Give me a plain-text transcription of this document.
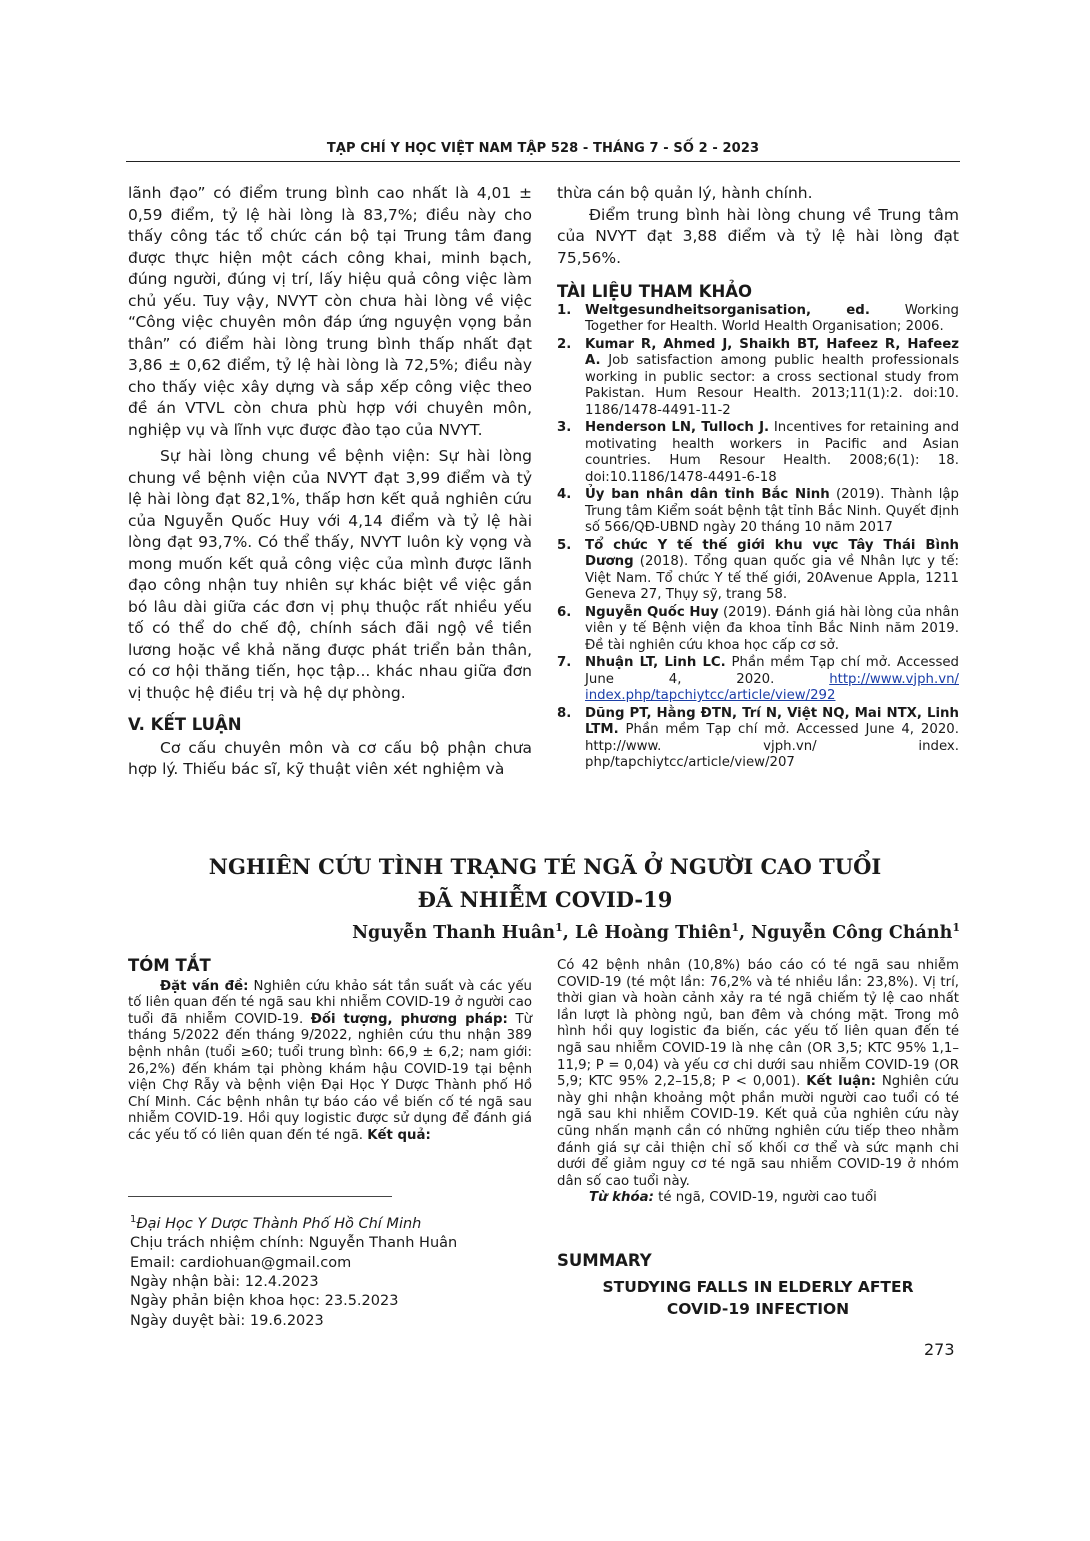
TẠP CHÍ Y HỌC VIỆT NAM TẬP 528 - THÁNG 7 - SỐ 2 - 2023

lãnh đạo” có điểm trung bình cao nhất là 4,01 ± 0,59 điểm, tỷ lệ hài lòng là 83,7%; điều này cho thấy công tác tổ chức cán bộ tại Trung tâm đang được thực hiện một cách công khai, minh bạch, đúng người, đúng vị trí, lấy hiệu quả công việc làm chủ yếu. Tuy vậy, NVYT còn chưa hài lòng về việc “Công việc chuyên môn đáp ứng nguyện vọng bản thân” có điểm hài lòng trung bình thấp nhất đạt 3,86 ± 0,62 điểm, tỷ lệ hài lòng là 72,5%; điều này cho thấy việc xây dựng và sắp xếp công việc theo đề án VTVL còn chưa phù hợp với chuyên môn, nghiệp vụ và lĩnh vực được đào tạo của NVYT.

Sự hài lòng chung về bệnh viện: Sự hài lòng chung về bệnh viện của NVYT đạt 3,99 điểm và tỷ lệ hài lòng đạt 82,1%, thấp hơn kết quả nghiên cứu của Nguyễn Quốc Huy với 4,14 điểm và tỷ lệ hài lòng đạt 93,7%. Có thể thấy, NVYT luôn kỳ vọng và mong muốn kết quả công việc của mình được lãnh đạo công nhận tuy nhiên sự khác biệt về việc gắn bó lâu dài giữa các đơn vị phụ thuộc rất nhiều yếu tố có thể do chế độ, chính sách đãi ngộ về tiền lương hoặc về khả năng được phát triển bản thân, có cơ hội thăng tiến, học tập... khác nhau giữa đơn vị thuộc hệ điều trị và hệ dự phòng.

V. KẾT LUẬN

Cơ cấu chuyên môn và cơ cấu bộ phận chưa hợp lý. Thiếu bác sĩ, kỹ thuật viên xét nghiệm và

thừa cán bộ quản lý, hành chính.

Điểm trung bình hài lòng chung về Trung tâm của NVYT đạt 3,88 điểm và tỷ lệ hài lòng đạt 75,56%.

TÀI LIỆU THAM KHẢO

1.	Weltgesundheitsorganisation, ed. Working Together for Health. World Health Organisation; 2006.
2.	Kumar R, Ahmed J, Shaikh BT, Hafeez R, Hafeez A. Job satisfaction among public health professionals working in public sector: a cross sectional study from Pakistan. Hum Resour Health. 2013;11(1):2. doi:10. 1186/1478-4491-11-2
3.	Henderson LN, Tulloch J. Incentives for retaining and motivating health workers in Pacific and Asian countries. Hum Resour Health. 2008;6(1): 18. doi:10.1186/1478-4491-6-18
4.	Ủy ban nhân dân tỉnh Bắc Ninh (2019). Thành lập Trung tâm Kiểm soát bệnh tật tỉnh Bắc Ninh. Quyết định số 566/QĐ-UBND ngày 20 tháng 10 năm 2017
5.	Tổ chức Y tế thế giới khu vực Tây Thái Bình Dương (2018). Tổng quan quốc gia về Nhân lực y tế: Việt Nam. Tổ chức Y tế thế giới, 20Avenue Appla, 1211 Geneva 27, Thụy sỹ, trang 58.
6.	Nguyễn Quốc Huy (2019). Đánh giá hài lòng của nhân viên y tế Bệnh viện đa khoa tỉnh Bắc Ninh năm 2019. Đề tài nghiên cứu khoa học cấp cơ sở.
7.	Nhuận LT, Linh LC. Phần mềm Tạp chí mở. Accessed June 4, 2020. http://www.vjph.vn/ index.php/tapchiytcc/article/view/292
8.	Dũng PT, Hằng ĐTN, Trí N, Việt NQ, Mai NTX, Linh LTM. Phần mềm Tạp chí mở. Accessed June 4, 2020. http://www. vjph.vn/ index. php/tapchiytcc/article/view/207
NGHIÊN CỨU TÌNH TRẠNG TÉ NGÃ Ở NGƯỜI CAO TUỔI
ĐÃ NHIỄM COVID-19
Nguyễn Thanh Huân$^1$, Lê Hoàng Thiên$^1$, Nguyễn Công Chánh$^1$
TÓM TẮT

Đặt vấn đề: Nghiên cứu khảo sát tần suất và các yếu tố liên quan đến té ngã sau khi nhiễm COVID-19 ở người cao tuổi đã nhiễm COVID-19. Đối tượng, phương pháp: Từ tháng 5/2022 đến tháng 9/2022, nghiên cứu thu nhận 389 bệnh nhân (tuổi ≥60; tuổi trung bình: 66,9 ± 6,2; nam giới: 26,2%) đến khám tại phòng khám hậu COVID-19 tại bệnh viện Chợ Rẫy và bệnh viện Đại Học Y Dược Thành phố Hồ Chí Minh. Các bệnh nhân tự báo cáo về biến cố té ngã sau nhiễm COVID-19. Hồi quy logistic được sử dụng để đánh giá các yếu tố có liên quan đến té ngã. Kết quả:

Có 42 bệnh nhân (10,8%) báo cáo có té ngã sau nhiễm COVID-19 (té một lần: 76,2% và té nhiều lần: 23,8%). Vị trí, thời gian và hoàn cảnh xảy ra té ngã chiếm tỷ lệ cao nhất lần lượt là phòng ngủ, ban đêm và chóng mặt. Trong mô hình hồi quy logistic đa biến, các yếu tố liên quan đến té ngã sau nhiễm COVID-19 là nhẹ cân (OR 3,5; KTC 95% 1,1–11,9; P = 0,04) và yếu cơ chi dưới sau nhiễm COVID-19 (OR 5,9; KTC 95% 2,2–15,8; P < 0,001). Kết luận: Nghiên cứu này ghi nhận khoảng một phần mười người cao tuổi có té ngã sau khi nhiễm COVID-19. Kết quả của nghiên cứu này cũng nhấn mạnh cần có những nghiên cứu tiếp theo nhằm đánh giá sự cải thiện chỉ số khối cơ thể và sức mạnh chi dưới để giảm nguy cơ té ngã sau nhiễm COVID-19 ở nhóm dân số cao tuổi này.

Từ khóa: té ngã, COVID-19, người cao tuổi

$^1$Đại Học Y Dược Thành Phố Hồ Chí Minh

Chịu trách nhiệm chính: Nguyễn Thanh Huân

Email: cardiohuan@gmail.com

Ngày nhận bài: 12.4.2023

Ngày phản biện khoa học: 23.5.2023

Ngày duyệt bài: 19.6.2023

SUMMARY
STUDYING FALLS IN ELDERLY AFTER
COVID-19 INFECTION
273
